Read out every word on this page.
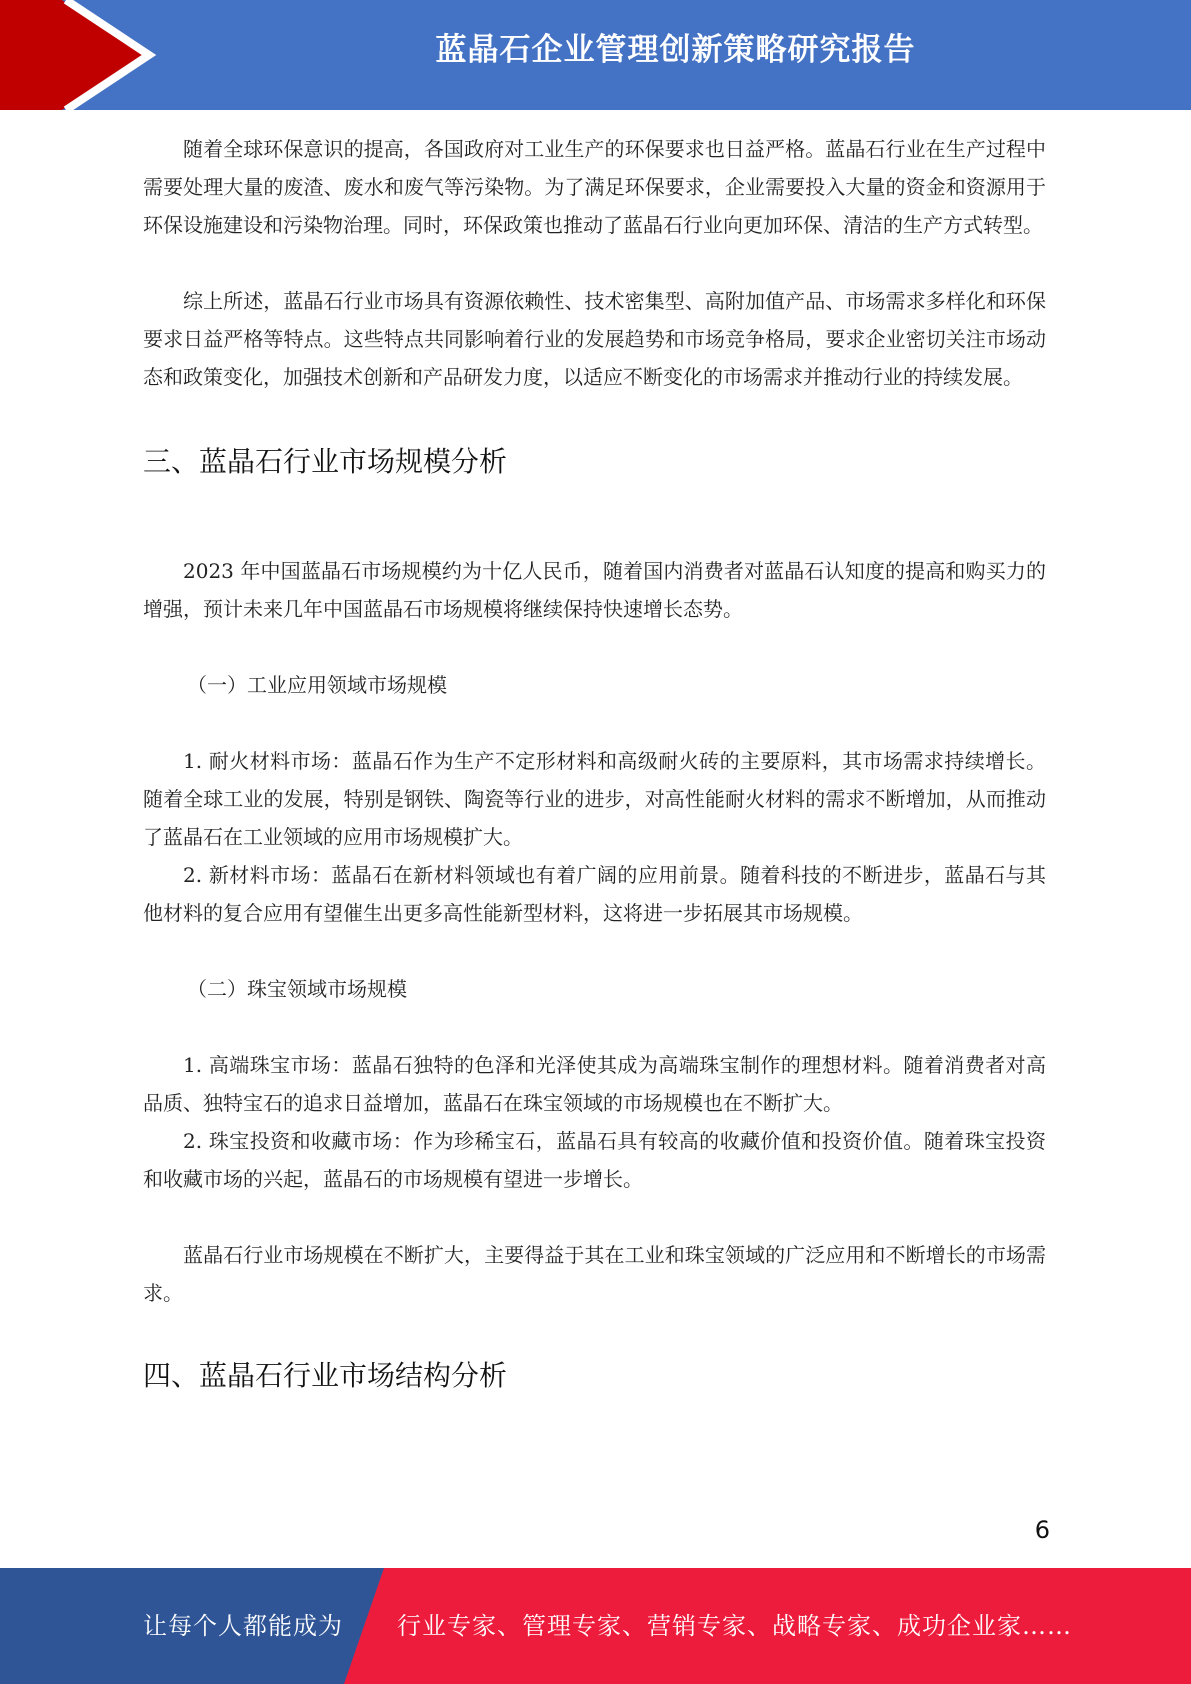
蓝晶石企业管理创新策略研究报告

随着全球环保意识的提高，各国政府对工业生产的环保要求也日益严格。蓝晶石行业在生产过程中需要处理大量的废渣、废水和废气等污染物。为了满足环保要求，企业需要投入大量的资金和资源用于环保设施建设和污染物治理。同时，环保政策也推动了蓝晶石行业向更加环保、清洁的生产方式转型。

综上所述，蓝晶石行业市场具有资源依赖性、技术密集型、高附加值产品、市场需求多样化和环保要求日益严格等特点。这些特点共同影响着行业的发展趋势和市场竞争格局，要求企业密切关注市场动态和政策变化，加强技术创新和产品研发力度，以适应不断变化的市场需求并推动行业的持续发展。

三、蓝晶石行业市场规模分析

2023 年中国蓝晶石市场规模约为十亿人民币，随着国内消费者对蓝晶石认知度的提高和购买力的增强，预计未来几年中国蓝晶石市场规模将继续保持快速增长态势。

（一）工业应用领域市场规模

1. 耐火材料市场：蓝晶石作为生产不定形材料和高级耐火砖的主要原料，其市场需求持续增长。随着全球工业的发展，特别是钢铁、陶瓷等行业的进步，对高性能耐火材料的需求不断增加，从而推动了蓝晶石在工业领域的应用市场规模扩大。

2. 新材料市场：蓝晶石在新材料领域也有着广阔的应用前景。随着科技的不断进步，蓝晶石与其他材料的复合应用有望催生出更多高性能新型材料，这将进一步拓展其市场规模。

（二）珠宝领域市场规模

1. 高端珠宝市场：蓝晶石独特的色泽和光泽使其成为高端珠宝制作的理想材料。随着消费者对高品质、独特宝石的追求日益增加，蓝晶石在珠宝领域的市场规模也在不断扩大。

2. 珠宝投资和收藏市场：作为珍稀宝石，蓝晶石具有较高的收藏价值和投资价值。随着珠宝投资和收藏市场的兴起，蓝晶石的市场规模有望进一步增长。

蓝晶石行业市场规模在不断扩大，主要得益于其在工业和珠宝领域的广泛应用和不断增长的市场需求。

四、蓝晶石行业市场结构分析
6
让每个人都能成为 行业专家、管理专家、营销专家、战略专家、成功企业家……
